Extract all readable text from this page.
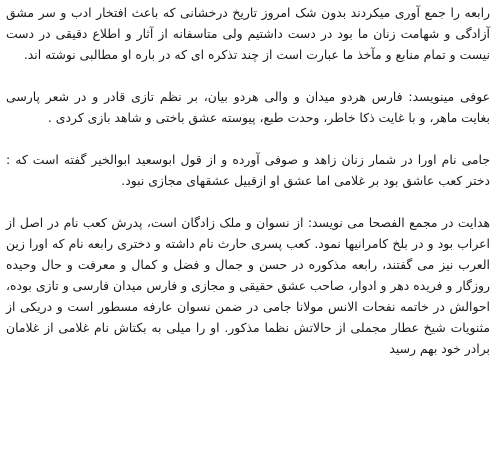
رابعه را جمع آوری میکردند بدون شک امروز تاریخ درخشانی که باعث افتخار ادب و سر مشق آزادگی و شهامت زنان ما بود در دست داشتیم ولی متاسفانه از آثار و اطلاع دقیقی در دست نیست و تمام منابع و مآخذ ما عبارت است از چند تذکره ای که در باره او مطالبی نوشته اند.

عوفی مینویسد: فارس هردو میدان و والی هردو بیان، بر نظم تازی قادر و در شعر پارسی بغایت ماهر، و با غایت ذکا خاطر، وحدت طبع، پیوسته عشق باختی و شاهد بازی کردی .

جامی نام اورا در شمار زنان زاهد و صوفی آورده و از قول ابوسعید ابوالخیر گفته است که : دختر کعب عاشق بود بر غلامی اما عشق او ازقبیل عشقهای مجازی نبود.

هدایت در مجمع الفصحا می نویسد: از نسوان و ملک زادگان است، پدرش کعب نام در اصل از اعراب بود و در بلخ کامرانیها نمود. کعب پسری حارث نام داشته و دختری رابعه نام که اورا زین العرب نیز می گفتند، رابعه مذکوره در حسن و جمال و فضل و کمال و معرفت و حال وحیده روزگار و فریده دهر و ادوار، صاحب عشق حقیقی و مجازی و فارس میدان فارسی و تازی بوده، احوالش در خاتمه نفحات الانس مولانا جامی در ضمن نسوان عارفه مسطور است و دریکی از مثنویات شیخ عطار مجملی از حالاتش نظما مذکور. او را میلی به بکتاش نام غلامی از غلامان برادر خود بهم رسید
